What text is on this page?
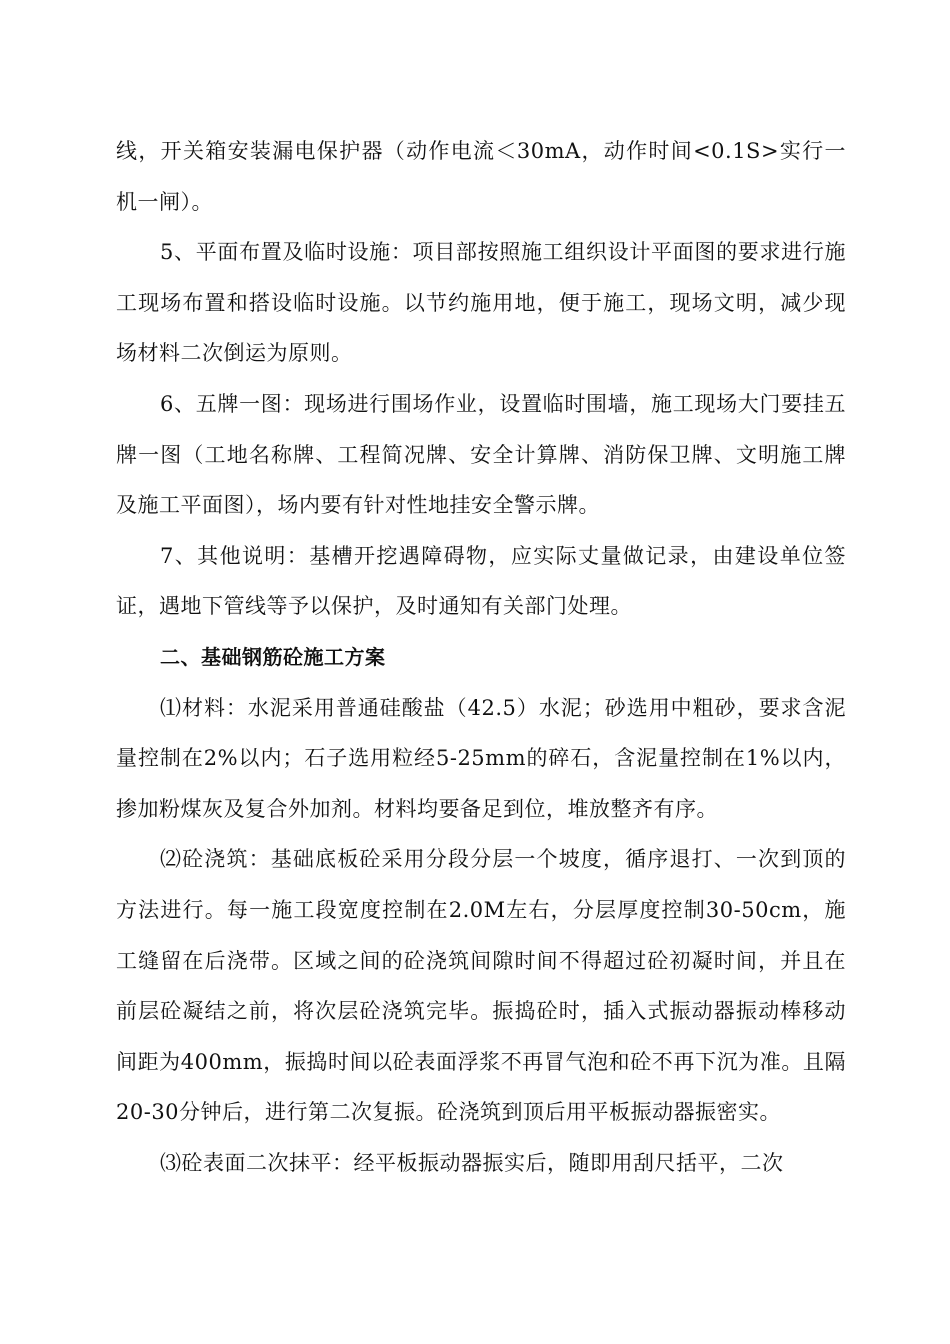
线，开关箱安装漏电保护器（动作电流＜30mA，动作时间<0.1S>实行一机一闸）。

5、平面布置及临时设施：项目部按照施工组织设计平面图的要求进行施工现场布置和搭设临时设施。以节约施用地，便于施工，现场文明，减少现场材料二次倒运为原则。

6、五牌一图：现场进行围场作业，设置临时围墙，施工现场大门要挂五牌一图（工地名称牌、工程简况牌、安全计算牌、消防保卫牌、文明施工牌及施工平面图），场内要有针对性地挂安全警示牌。

7、其他说明：基槽开挖遇障碍物，应实际丈量做记录，由建设单位签证，遇地下管线等予以保护，及时通知有关部门处理。

二、基础钢筋砼施工方案

⑴材料：水泥采用普通硅酸盐（42.5）水泥；砂选用中粗砂，要求含泥量控制在2%以内；石子选用粒经5-25mm的碎石，含泥量控制在1%以内，掺加粉煤灰及复合外加剂。材料均要备足到位，堆放整齐有序。

⑵砼浇筑：基础底板砼采用分段分层一个坡度，循序退打、一次到顶的方法进行。每一施工段宽度控制在2.0M左右，分层厚度控制30-50cm，施工缝留在后浇带。区域之间的砼浇筑间隙时间不得超过砼初凝时间，并且在前层砼凝结之前，将次层砼浇筑完毕。振捣砼时，插入式振动器振动棒移动间距为400mm，振捣时间以砼表面浮浆不再冒气泡和砼不再下沉为准。且隔20-30分钟后，进行第二次复振。砼浇筑到顶后用平板振动器振密实。

⑶砼表面二次抹平：经平板振动器振实后，随即用刮尺括平，二次
